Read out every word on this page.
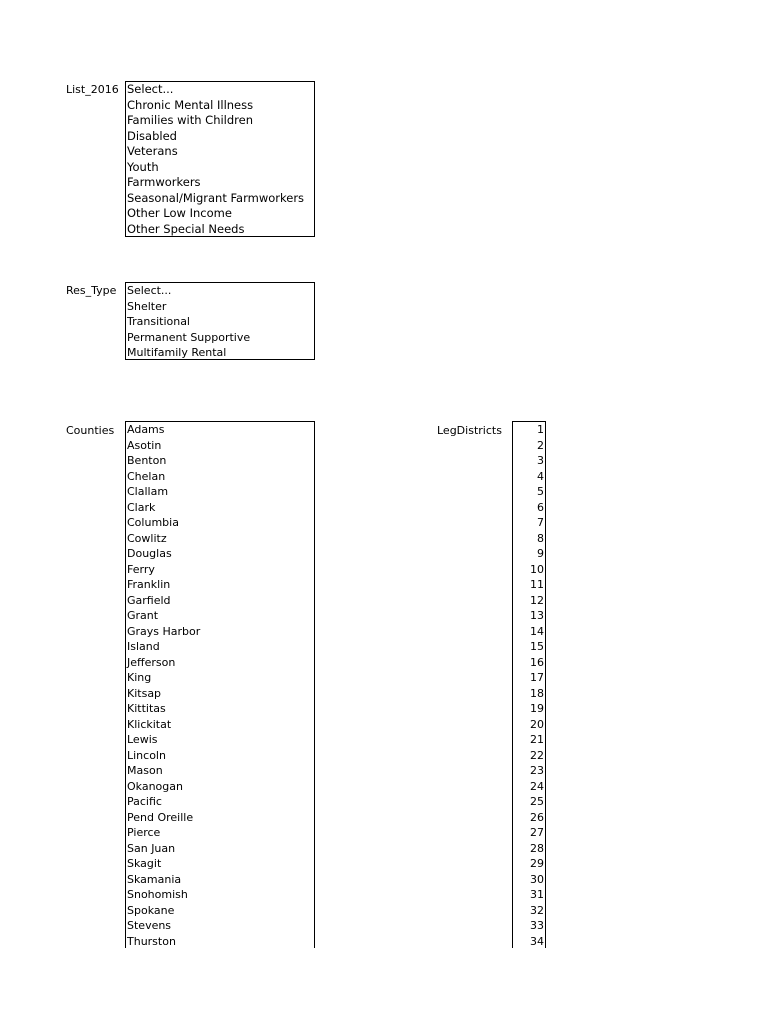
List_2016 Select...
Chronic Mental Illness
Families with Children
Disabled
Veterans
Youth
Farmworkers
Seasonal/Migrant Farmworkers
Other Low Income
Other Special Needs
Res_Type Select...
Shelter
Transitional
Permanent Supportive
Multifamily Rental
Counties Adams
Asotin
Benton
Chelan
Clallam
Clark
Columbia
Cowlitz
Douglas
Ferry
Franklin
Garfield
Grant
Grays Harbor
Island
Jefferson
King
Kitsap
Kittitas
Klickitat
Lewis
Lincoln
Mason
Okanogan
Pacific
Pend Oreille
Pierce
San Juan
Skagit
Skamania
Snohomish
Spokane
Stevens
Thurston
LegDistricts	1
2
3
4
5
6
7
8
9
10
11
12
13
14
15
16
17
18
19
20
21
22
23
24
25
26
27
28
29
30
31
32
33
34
